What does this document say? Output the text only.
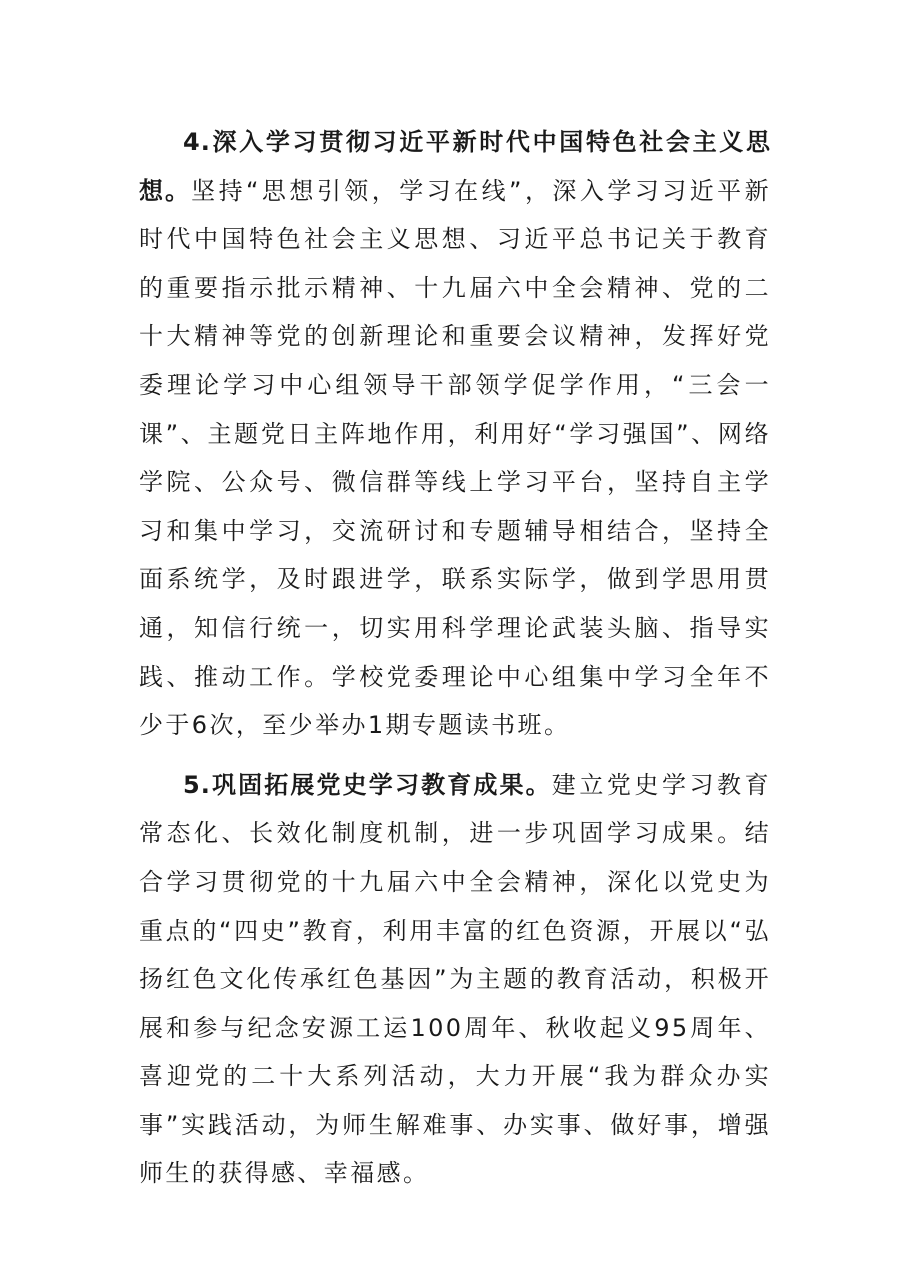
4.深入学习贯彻习近平新时代中国特色社会主义思想。坚持“思想引领，学习在线”，深入学习习近平新时代中国特色社会主义思想、习近平总书记关于教育的重要指示批示精神、十九届六中全会精神、党的二十大精神等党的创新理论和重要会议精神，发挥好党委理论学习中心组领导干部领学促学作用，“三会一课”、主题党日主阵地作用，利用好“学习强国”、网络学院、公众号、微信群等线上学习平台，坚持自主学习和集中学习，交流研讨和专题辅导相结合，坚持全面系统学，及时跟进学，联系实际学，做到学思用贯通，知信行统一，切实用科学理论武装头脑、指导实践、推动工作。学校党委理论中心组集中学习全年不少于6次，至少举办1期专题读书班。

5.巩固拓展党史学习教育成果。建立党史学习教育常态化、长效化制度机制，进一步巩固学习成果。结合学习贯彻党的十九届六中全会精神，深化以党史为重点的“四史”教育，利用丰富的红色资源，开展以“弘扬红色文化传承红色基因”为主题的教育活动，积极开展和参与纪念安源工运100周年、秋收起义95周年、喜迎党的二十大系列活动，大力开展“我为群众办实事”实践活动，为师生解难事、办实事、做好事，增强师生的获得感、幸福感。
